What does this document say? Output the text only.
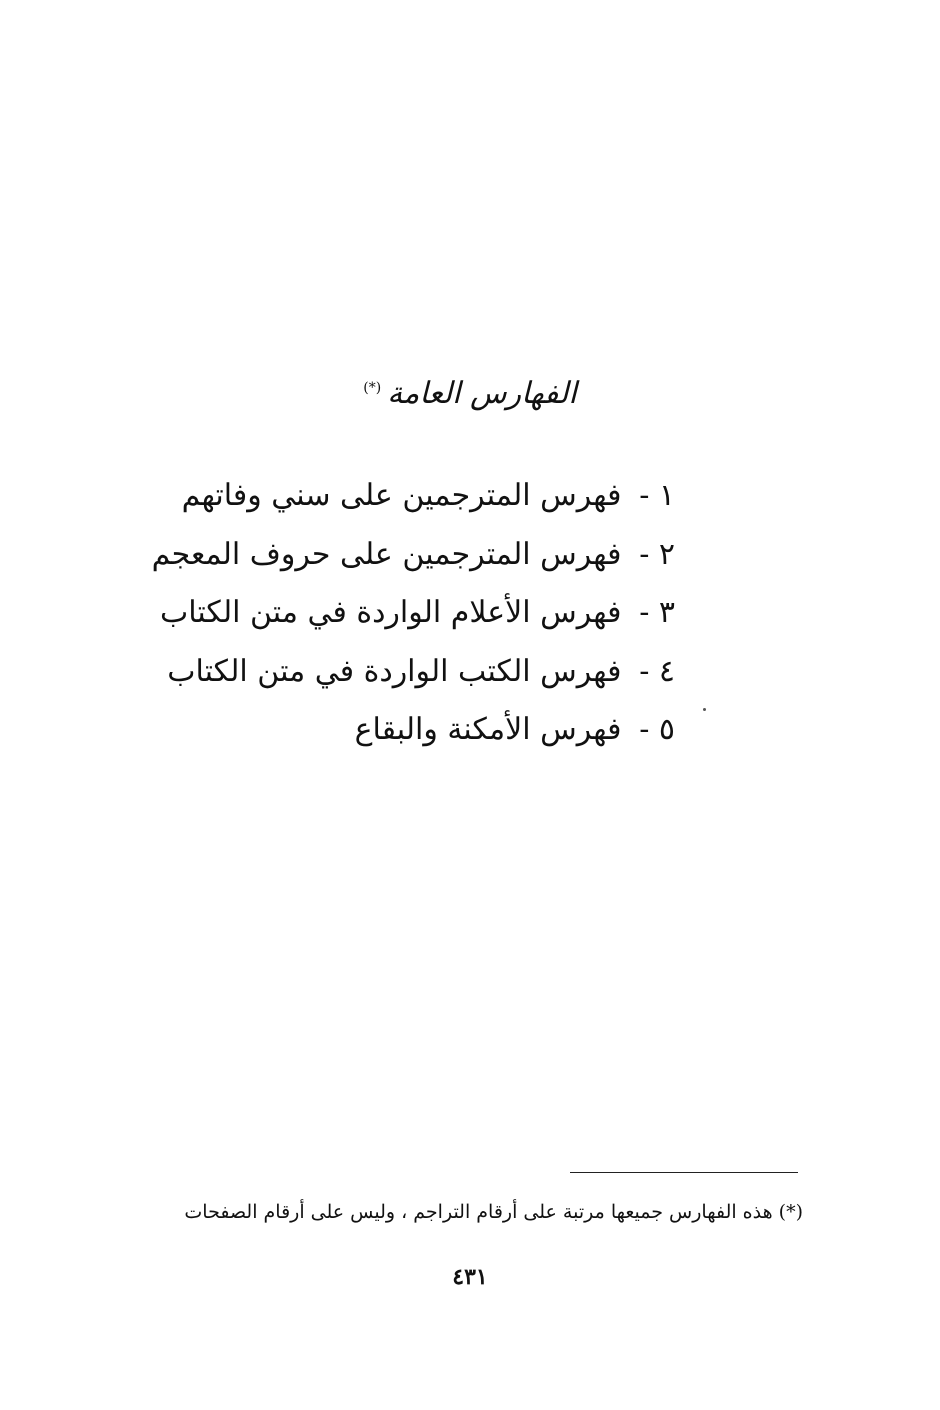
الفهارس العامة(*)
١ - فهرس المترجمين على سني وفاتهم
٢ - فهرس المترجمين على حروف المعجم
٣ - فهرس الأعلام الواردة في متن الكتاب
٤ - فهرس الكتب الواردة في متن الكتاب
٥ - فهرس الأمكنة والبقاع

(*) هذه الفهارس جميعها مرتبة على أرقام التراجم ، وليس على أرقام الصفحات

٤٣١
